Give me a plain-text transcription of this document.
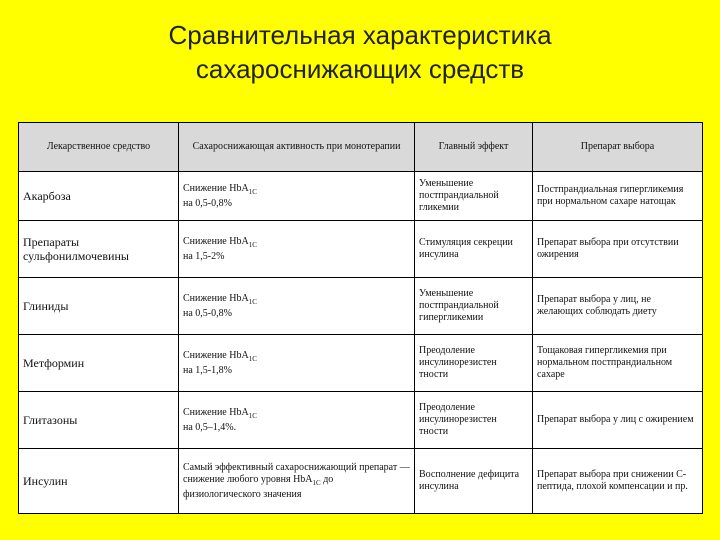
Сравнительная характеристика
сахароснижающих средств
Лекарственное средство	Сахароснижающая активность при монотерапии	Главный эффект	Препарат выбора
Акарбоза	Снижение HbA$_{1C}$
на 0,5-0,8%	Уменьшение постпрандиальной гликемии	Постпрандиальная гипергликемия при нормальном сахаре натощак
Препараты сульфонилмочевины	Снижение HbA$_{1C}$
на 1,5-2%	Стимуляция секреции инсулина	Препарат выбора при отсутствии ожирения
Глиниды	Снижение HbA$_{1C}$
на 0,5-0,8%	Уменьшение постпрандиальной гипергликемии	Препарат выбора у лиц, не желающих соблюдать диету
Метформин	Снижение HbA$_{1C}$
на 1,5-1,8%	Преодоление инсулинорезистен тности	Тощаковая гипергликемия при нормальном постпрандиальном сахаре
Глитазоны	Снижение HbA$_{1C}$
на 0,5–1,4%.	Преодоление инсулинорезистен тности	Препарат выбора у лиц с ожирением
Инсулин	Самый эффективный сахароснижающий препарат — снижение любого уровня HbA$_{1C}$ до физиологического значения	Восполнение дефицита инсулина	Препарат выбора при снижении С-пептида, плохой компенсации и пр.
